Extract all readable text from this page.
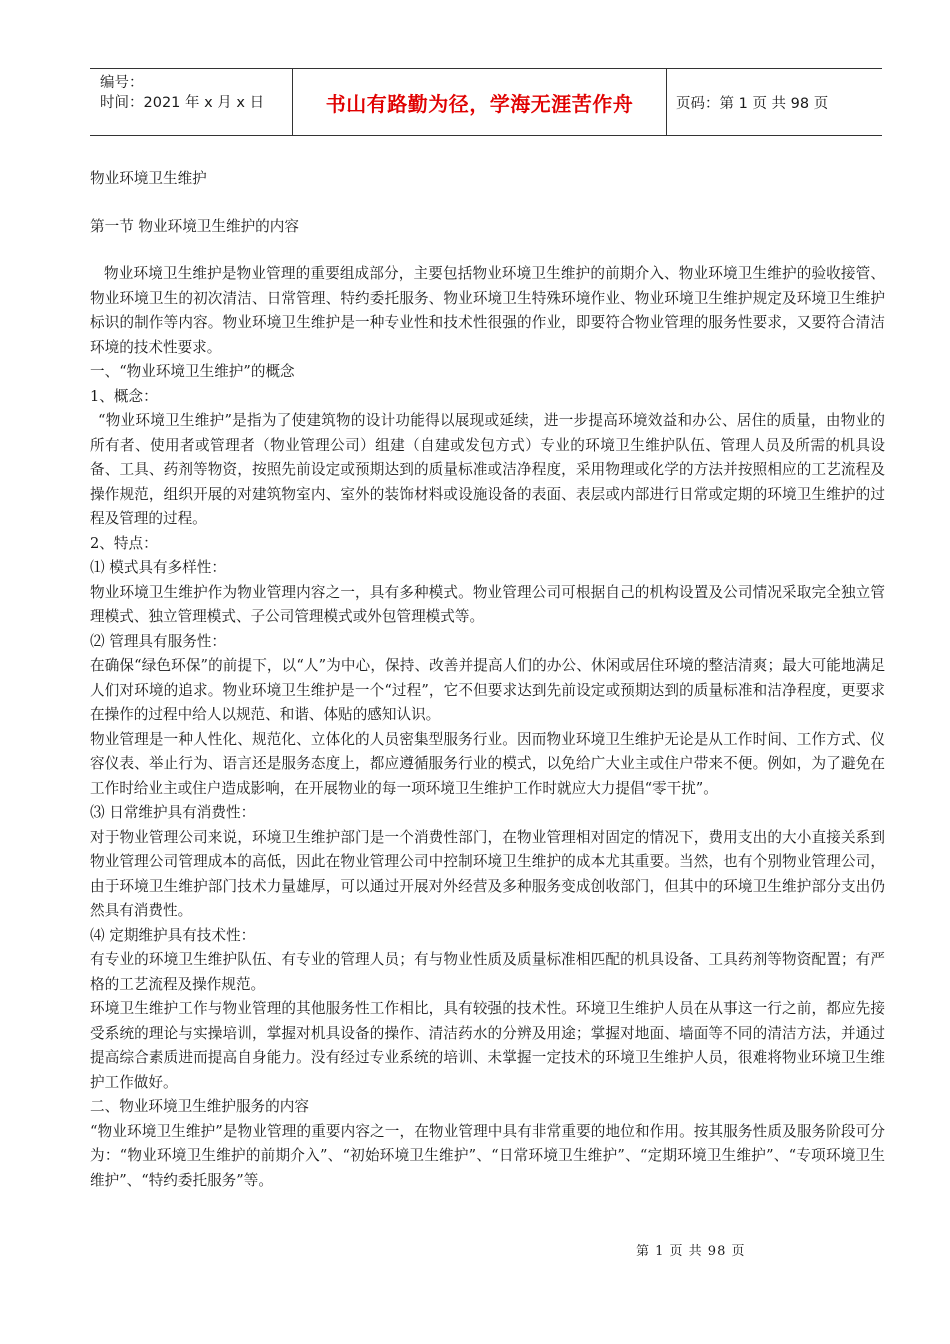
编号：
时间：2021 年 x 月 x 日	书山有路勤为径，学海无涯苦作舟	页码：第 1 页 共 98 页
物业环境卫生维护
第一节 物业环境卫生维护的内容

物业环境卫生维护是物业管理的重要组成部分，主要包括物业环境卫生维护的前期介入、物业环境卫生维护的验收接管、物业环境卫生的初次清洁、日常管理、特约委托服务、物业环境卫生特殊环境作业、物业环境卫生维护规定及环境卫生维护标识的制作等内容。物业环境卫生维护是一种专业性和技术性很强的作业，即要符合物业管理的服务性要求，又要符合清洁环境的技术性要求。

一、“物业环境卫生维护”的概念

1、概念：

“物业环境卫生维护”是指为了使建筑物的设计功能得以展现或延续，进一步提高环境效益和办公、居住的质量，由物业的所有者、使用者或管理者（物业管理公司）组建（自建或发包方式）专业的环境卫生维护队伍、管理人员及所需的机具设备、工具、药剂等物资，按照先前设定或预期达到的质量标准或洁净程度，采用物理或化学的方法并按照相应的工艺流程及操作规范，组织开展的对建筑物室内、室外的装饰材料或设施设备的表面、表层或内部进行日常或定期的环境卫生维护的过程及管理的过程。

2、特点：

⑴ 模式具有多样性：

物业环境卫生维护作为物业管理内容之一，具有多种模式。物业管理公司可根据自己的机构设置及公司情况采取完全独立管理模式、独立管理模式、子公司管理模式或外包管理模式等。

⑵ 管理具有服务性：

在确保“绿色环保”的前提下，以“人”为中心，保持、改善并提高人们的办公、休闲或居住环境的整洁清爽；最大可能地满足人们对环境的追求。物业环境卫生维护是一个“过程”，它不但要求达到先前设定或预期达到的质量标准和洁净程度，更要求在操作的过程中给人以规范、和谐、体贴的感知认识。

物业管理是一种人性化、规范化、立体化的人员密集型服务行业。因而物业环境卫生维护无论是从工作时间、工作方式、仪容仪表、举止行为、语言还是服务态度上，都应遵循服务行业的模式，以免给广大业主或住户带来不便。例如，为了避免在工作时给业主或住户造成影响，在开展物业的每一项环境卫生维护工作时就应大力提倡“零干扰”。

⑶ 日常维护具有消费性：

对于物业管理公司来说，环境卫生维护部门是一个消费性部门，在物业管理相对固定的情况下，费用支出的大小直接关系到物业管理公司管理成本的高低，因此在物业管理公司中控制环境卫生维护的成本尤其重要。当然，也有个别物业管理公司，由于环境卫生维护部门技术力量雄厚，可以通过开展对外经营及多种服务变成创收部门，但其中的环境卫生维护部分支出仍然具有消费性。

⑷ 定期维护具有技术性：

有专业的环境卫生维护队伍、有专业的管理人员；有与物业性质及质量标准相匹配的机具设备、工具药剂等物资配置；有严格的工艺流程及操作规范。

环境卫生维护工作与物业管理的其他服务性工作相比，具有较强的技术性。环境卫生维护人员在从事这一行之前，都应先接受系统的理论与实操培训，掌握对机具设备的操作、清洁药水的分辨及用途；掌握对地面、墙面等不同的清洁方法，并通过提高综合素质进而提高自身能力。没有经过专业系统的培训、未掌握一定技术的环境卫生维护人员，很难将物业环境卫生维护工作做好。

二、物业环境卫生维护服务的内容

“物业环境卫生维护”是物业管理的重要内容之一，在物业管理中具有非常重要的地位和作用。按其服务性质及服务阶段可分为：“物业环境卫生维护的前期介入”、“初始环境卫生维护”、“日常环境卫生维护”、“定期环境卫生维护”、“专项环境卫生维护”、“特约委托服务”等。

第 1 页 共 98 页
